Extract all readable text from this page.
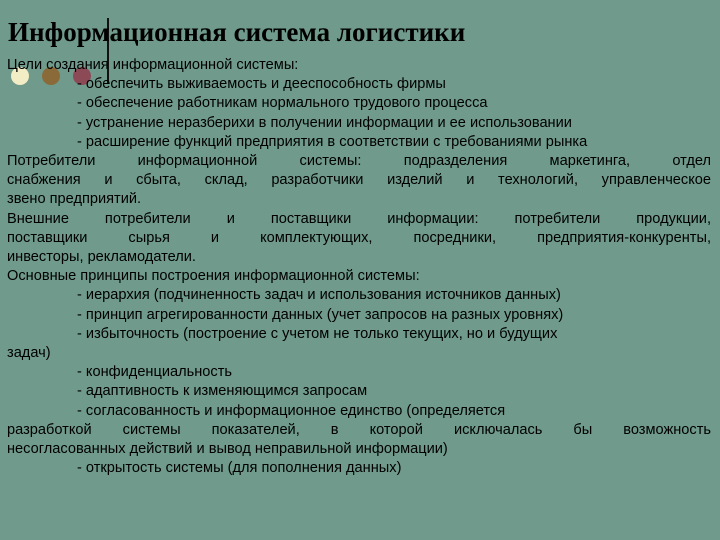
Информационная система логистики
Цели создания информационной системы:
- обеспечить выживаемость и дееспособность фирмы
- обеспечение работникам нормального трудового процесса
- устранение неразберихи в получении информации и ее использовании
- расширение функций предприятия в соответствии с требованиями рынка
Потребители информационной системы: подразделения маркетинга, отдел
снабжения и сбыта, склад, разработчики изделий и технологий, управленческое
звено предприятий.
Внешние потребители и поставщики информации: потребители продукции,
поставщики сырья и комплектующих, посредники, предприятия-конкуренты,
инвесторы, рекламодатели.
Основные принципы построения информационной системы:
- иерархия (подчиненность задач и использования источников данных)
- принцип агрегированности данных (учет запросов на разных уровнях)
- избыточность (построение с учетом не только текущих, но и будущих
задач)
- конфиденциальность
- адаптивность к изменяющимся запросам
- согласованность и информационное единство (определяется
разработкой системы показателей, в которой исключалась бы возможность
несогласованных действий и вывод неправильной информации)
- открытость системы (для пополнения данных)
